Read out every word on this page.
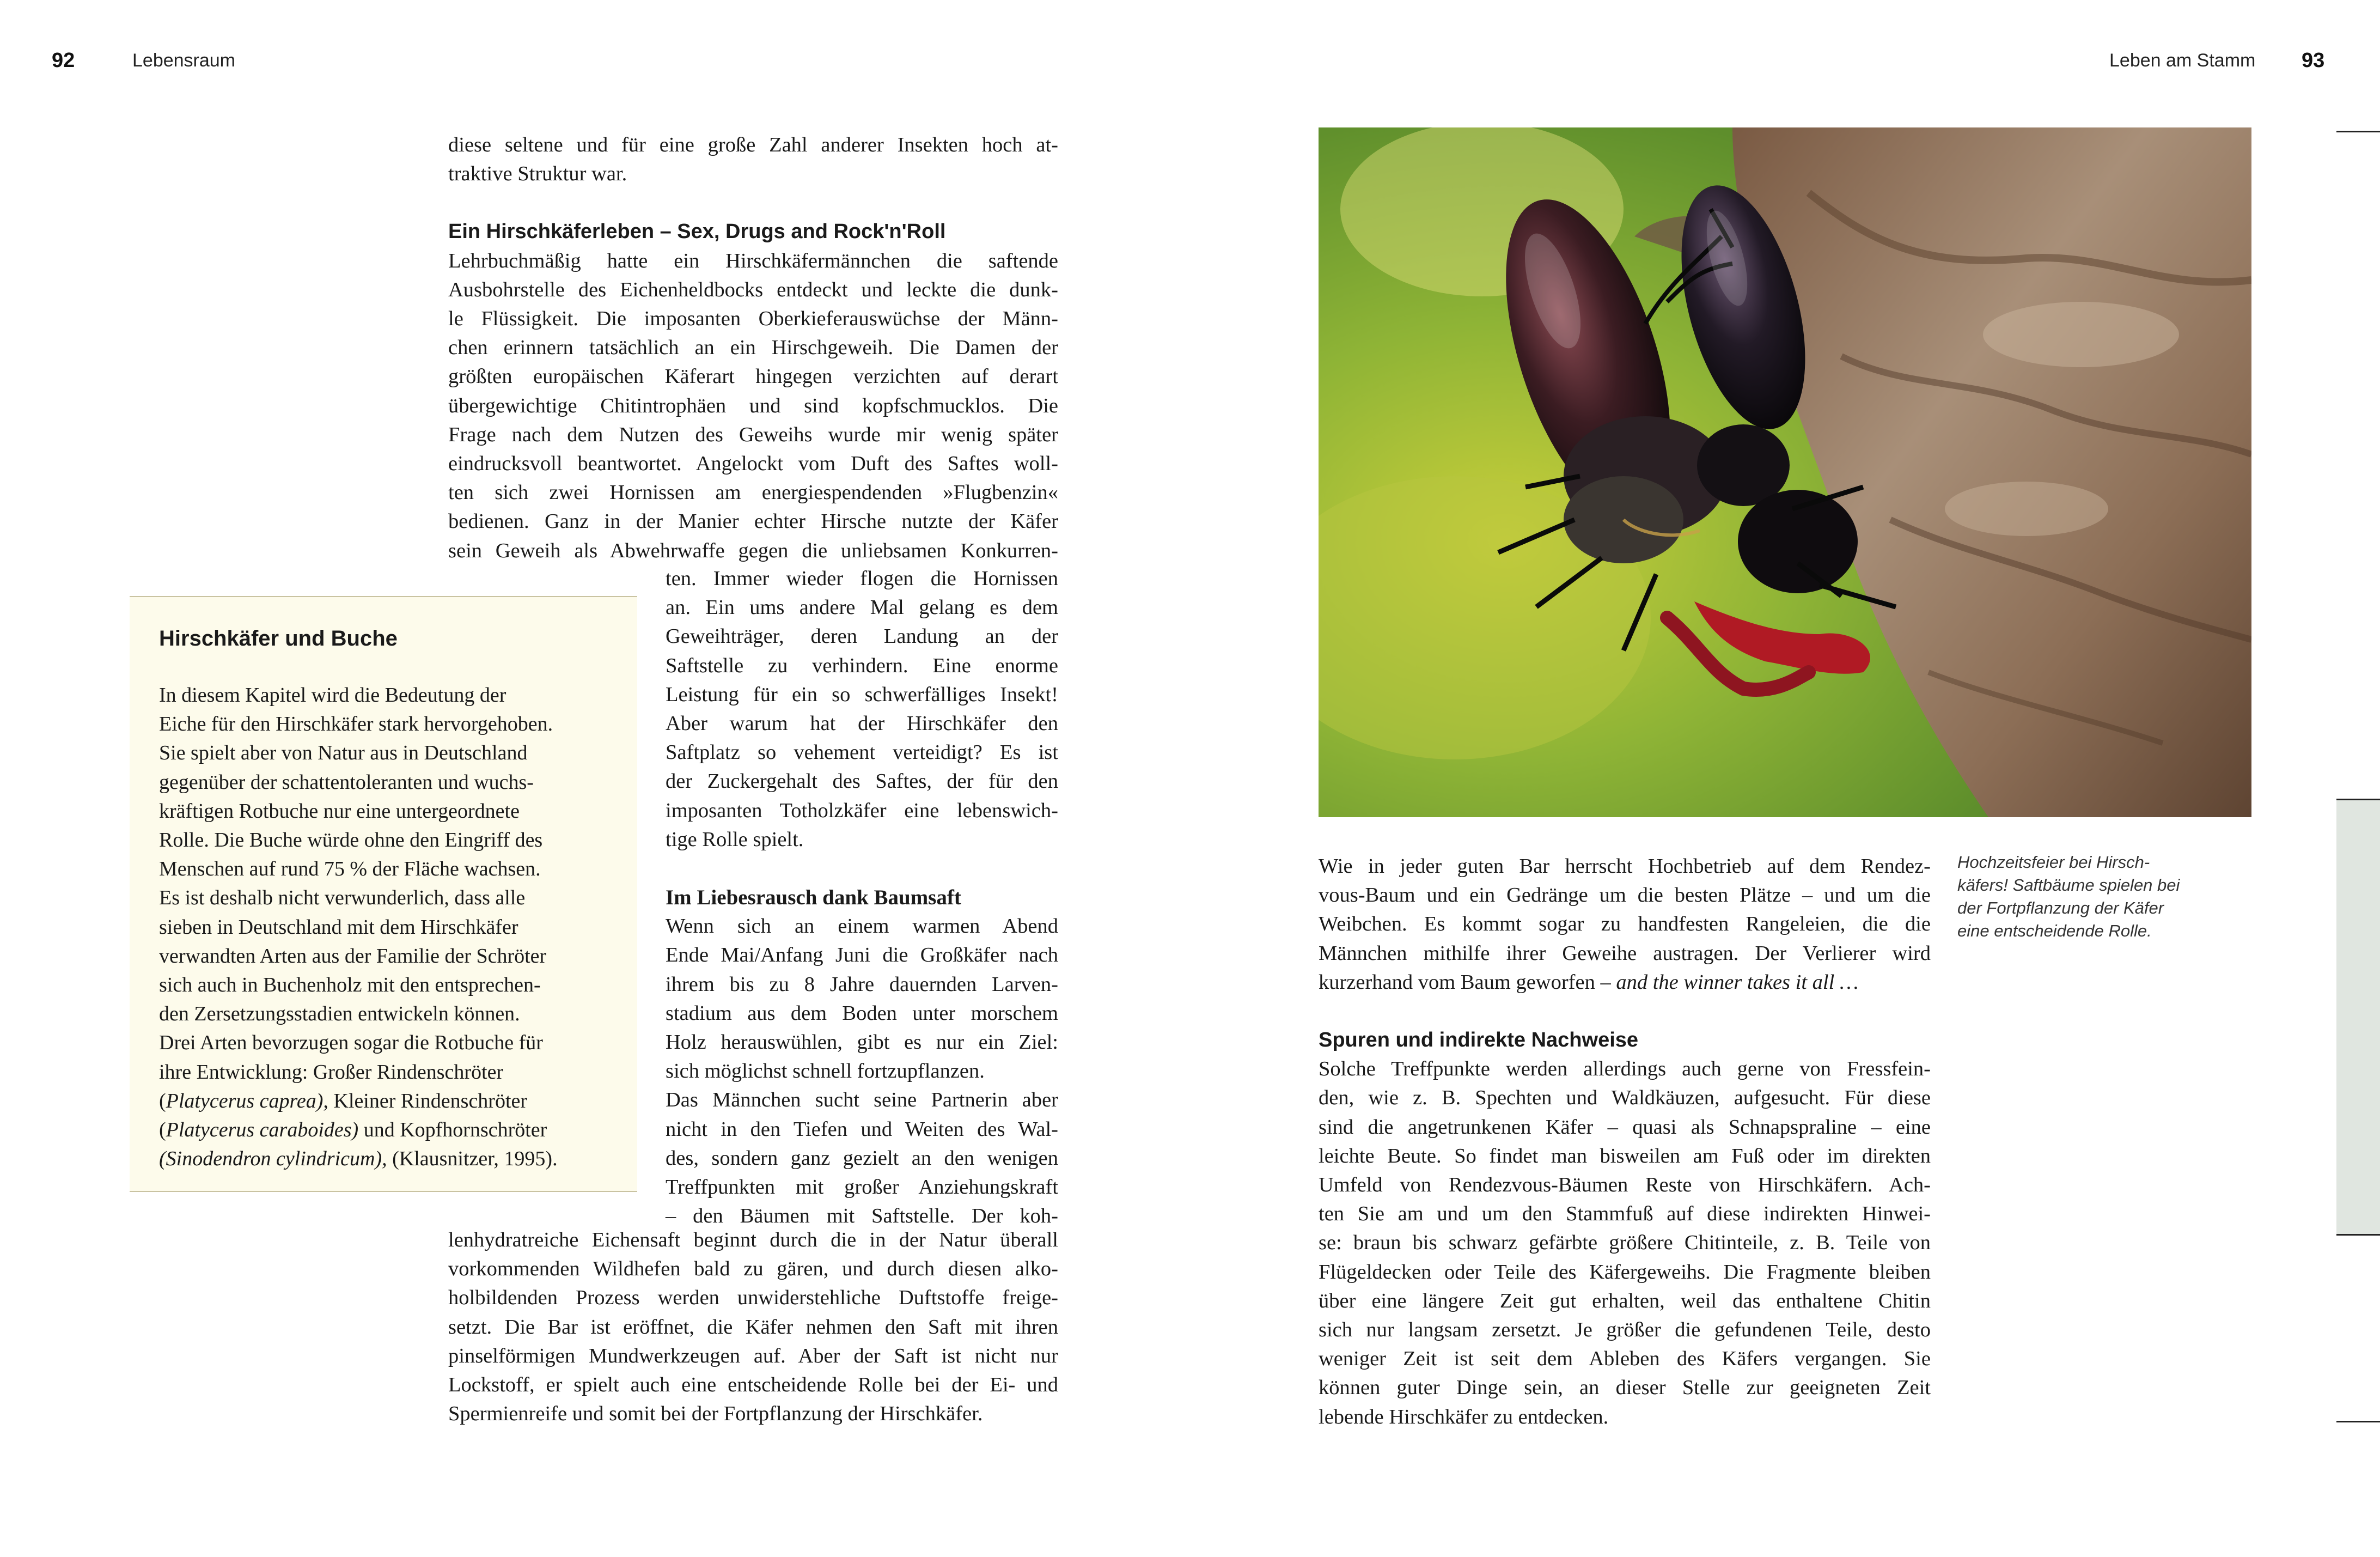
92	Lebensraum	Leben am Stamm 93
diese seltene und für eine große Zahl anderer Insekten hoch at-
traktive Struktur war.
Ein Hirschkäferleben – Sex, Drugs and Rock'n'Roll
Lehrbuchmäßig hatte ein Hirschkäfermännchen die saftende
Ausbohrstelle des Eichenheldbocks entdeckt und leckte die dunk-
le Flüssigkeit. Die imposanten Oberkieferauswüchse der Männ-
chen erinnern tatsächlich an ein Hirschgeweih. Die Damen der
größten europäischen Käferart hingegen verzichten auf derart
übergewichtige Chitintrophäen und sind kopfschmucklos. Die
Frage nach dem Nutzen des Geweihs wurde mir wenig später
eindrucksvoll beantwortet. Angelockt vom Duft des Saftes woll-
ten sich zwei Hornissen am energiespendenden »Flugbenzin«
bedienen. Ganz in der Manier echter Hirsche nutzte der Käfer
sein Geweih als Abwehrwaffe gegen die unliebsamen Konkurren-
ten. Immer wieder flogen die Hornissen
an. Ein ums andere Mal gelang es dem
Geweihträger, deren Landung an der
Saftstelle zu verhindern. Eine enorme
Leistung für ein so schwerfälliges Insekt!
Aber warum hat der Hirschkäfer den
Saftplatz so vehement verteidigt? Es ist
der Zuckergehalt des Saftes, der für den
imposanten Totholzkäfer eine lebenswich-
tige Rolle spielt.
Im Liebesrausch dank Baumsaft
Wenn sich an einem warmen Abend
Ende Mai/Anfang Juni die Großkäfer nach
ihrem bis zu 8 Jahre dauernden Larven-
stadium aus dem Boden unter morschem
Holz herauswühlen, gibt es nur ein Ziel:
sich möglichst schnell fortzupflanzen.
Das Männchen sucht seine Partnerin aber
nicht in den Tiefen und Weiten des Wal-
des, sondern ganz gezielt an den wenigen
Treffpunkten mit großer Anziehungskraft
– den Bäumen mit Saftstelle. Der koh-
lenhydratreiche Eichensaft beginnt durch die in der Natur überall
vorkommenden Wildhefen bald zu gären, und durch diesen alko-
holbildenden Prozess werden unwiderstehliche Duftstoffe freige-
setzt. Die Bar ist eröffnet, die Käfer nehmen den Saft mit ihren
pinselförmigen Mundwerkzeugen auf. Aber der Saft ist nicht nur
Lockstoff, er spielt auch eine entscheidende Rolle bei der Ei- und
Spermienreife und somit bei der Fortpflanzung der Hirschkäfer.
Hirschkäfer und Buche
In diesem Kapitel wird die Bedeutung der
Eiche für den Hirschkäfer stark hervorgehoben.
Sie spielt aber von Natur aus in Deutschland
gegenüber der schattentoleranten und wuchs-
kräftigen Rotbuche nur eine untergeordnete
Rolle. Die Buche würde ohne den Eingriff des
Menschen auf rund 75 % der Fläche wachsen.
Es ist deshalb nicht verwunderlich, dass alle
sieben in Deutschland mit dem Hirschkäfer
verwandten Arten aus der Familie der Schröter
sich auch in Buchenholz mit den entsprechen-
den Zersetzungsstadien entwickeln können.
Drei Arten bevorzugen sogar die Rotbuche für
ihre Entwicklung: Großer Rindenschröter
(Platycerus caprea), Kleiner Rindenschröter
(Platycerus caraboides) und Kopfhornschröter
(Sinodendron cylindricum), (Klausnitzer, 1995).
Wie in jeder guten Bar herrscht Hochbetrieb auf dem Rendez-
vous-Baum und ein Gedränge um die besten Plätze – und um die
Weibchen. Es kommt sogar zu handfesten Rangeleien, die die
Männchen mithilfe ihrer Geweihe austragen. Der Verlierer wird
kurzerhand vom Baum geworfen – and the winner takes it all …
Spuren und indirekte Nachweise
Solche Treffpunkte werden allerdings auch gerne von Fressfein-
den, wie z. B. Spechten und Waldkäuzen, aufgesucht. Für diese
sind die angetrunkenen Käfer – quasi als Schnapspraline – eine
leichte Beute. So findet man bisweilen am Fuß oder im direkten
Umfeld von Rendezvous-Bäumen Reste von Hirschkäfern. Ach-
ten Sie am und um den Stammfuß auf diese indirekten Hinwei-
se: braun bis schwarz gefärbte größere Chitinteile, z. B. Teile von
Flügeldecken oder Teile des Käfergeweihs. Die Fragmente bleiben
über eine längere Zeit gut erhalten, weil das enthaltene Chitin
sich nur langsam zersetzt. Je größer die gefundenen Teile, desto
weniger Zeit ist seit dem Ableben des Käfers vergangen. Sie
können guter Dinge sein, an dieser Stelle zur geeigneten Zeit
lebende Hirschkäfer zu entdecken.
Hochzeitsfeier bei Hirsch-
käfers! Saftbäume spielen bei
der Fortpflanzung der Käfer
eine entscheidende Rolle.
